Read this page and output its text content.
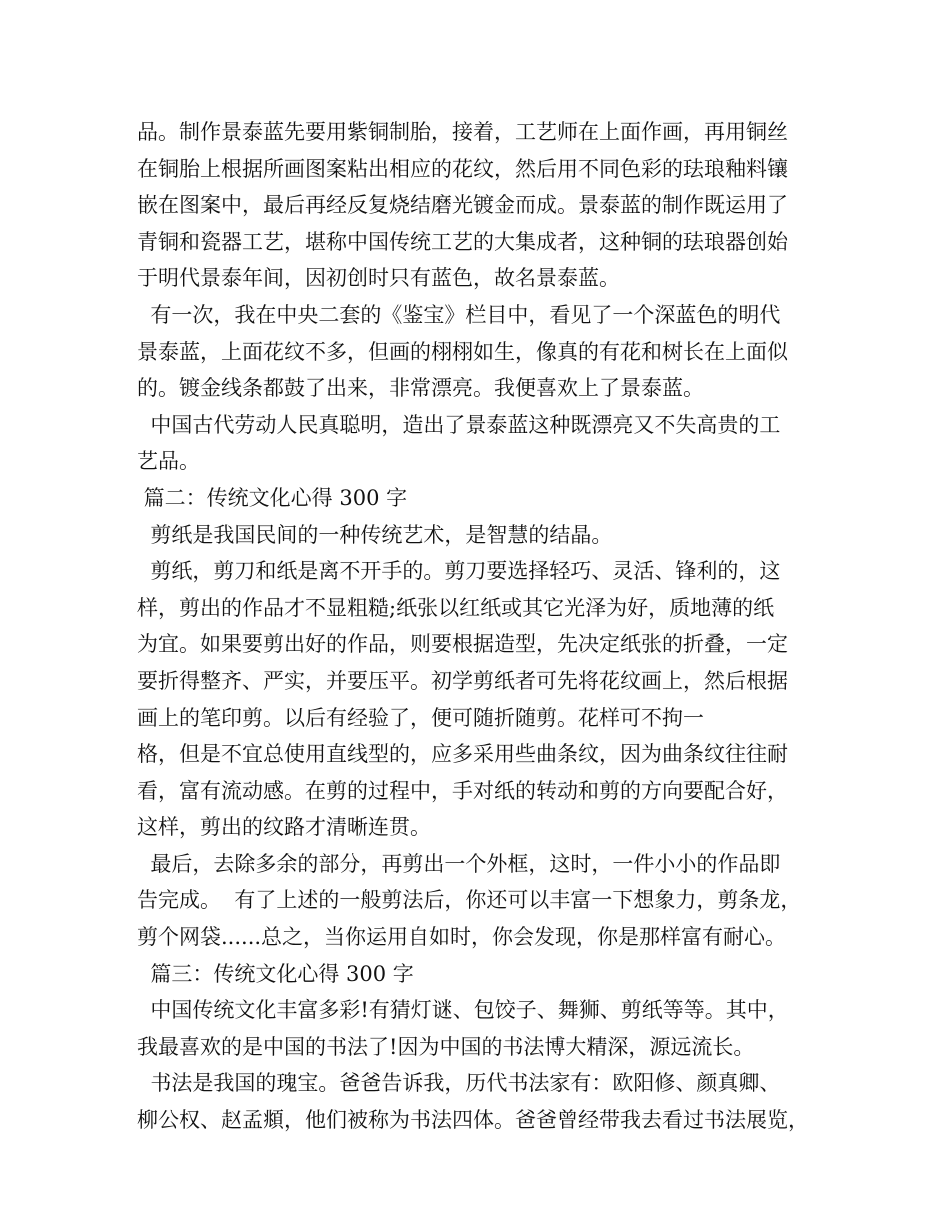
品。制作景泰蓝先要用紫铜制胎，接着，工艺师在上面作画，再用铜丝
在铜胎上根据所画图案粘出相应的花纹，然后用不同色彩的珐琅釉料镶
嵌在图案中，最后再经反复烧结磨光镀金而成。景泰蓝的制作既运用了
青铜和瓷器工艺，堪称中国传统工艺的大集成者，这种铜的珐琅器创始
于明代景泰年间，因初创时只有蓝色，故名景泰蓝。
有一次，我在中央二套的《鉴宝》栏目中，看见了一个深蓝色的明代
景泰蓝，上面花纹不多，但画的栩栩如生，像真的有花和树长在上面似
的。镀金线条都鼓了出来，非常漂亮。我便喜欢上了景泰蓝。
中国古代劳动人民真聪明，造出了景泰蓝这种既漂亮又不失高贵的工
艺品。
篇二：传统文化心得 300 字
剪纸是我国民间的一种传统艺术，是智慧的结晶。
剪纸，剪刀和纸是离不开手的。剪刀要选择轻巧、灵活、锋利的，这
样，剪出的作品才不显粗糙;纸张以红纸或其它光泽为好，质地薄的纸
为宜。如果要剪出好的作品，则要根据造型，先决定纸张的折叠，一定
要折得整齐、严实，并要压平。初学剪纸者可先将花纹画上，然后根据
画上的笔印剪。以后有经验了，便可随折随剪。花样可不拘一
格，但是不宜总使用直线型的，应多采用些曲条纹，因为曲条纹往往耐
看，富有流动感。在剪的过程中，手对纸的转动和剪的方向要配合好，
这样，剪出的纹路才清晰连贯。
最后，去除多余的部分，再剪出一个外框，这时，一件小小的作品即
告完成。  有了上述的一般剪法后，你还可以丰富一下想象力，剪条龙，
剪个网袋......总之，当你运用自如时，你会发现，你是那样富有耐心。
篇三：传统文化心得 300 字
中国传统文化丰富多彩!有猜灯谜、包饺子、舞狮、剪纸等等。其中，
我最喜欢的是中国的书法了!因为中国的书法博大精深，源远流长。
书法是我国的瑰宝。爸爸告诉我，历代书法家有：欧阳修、颜真卿、
柳公权、赵孟頫，他们被称为书法四体。爸爸曾经带我去看过书法展览，
